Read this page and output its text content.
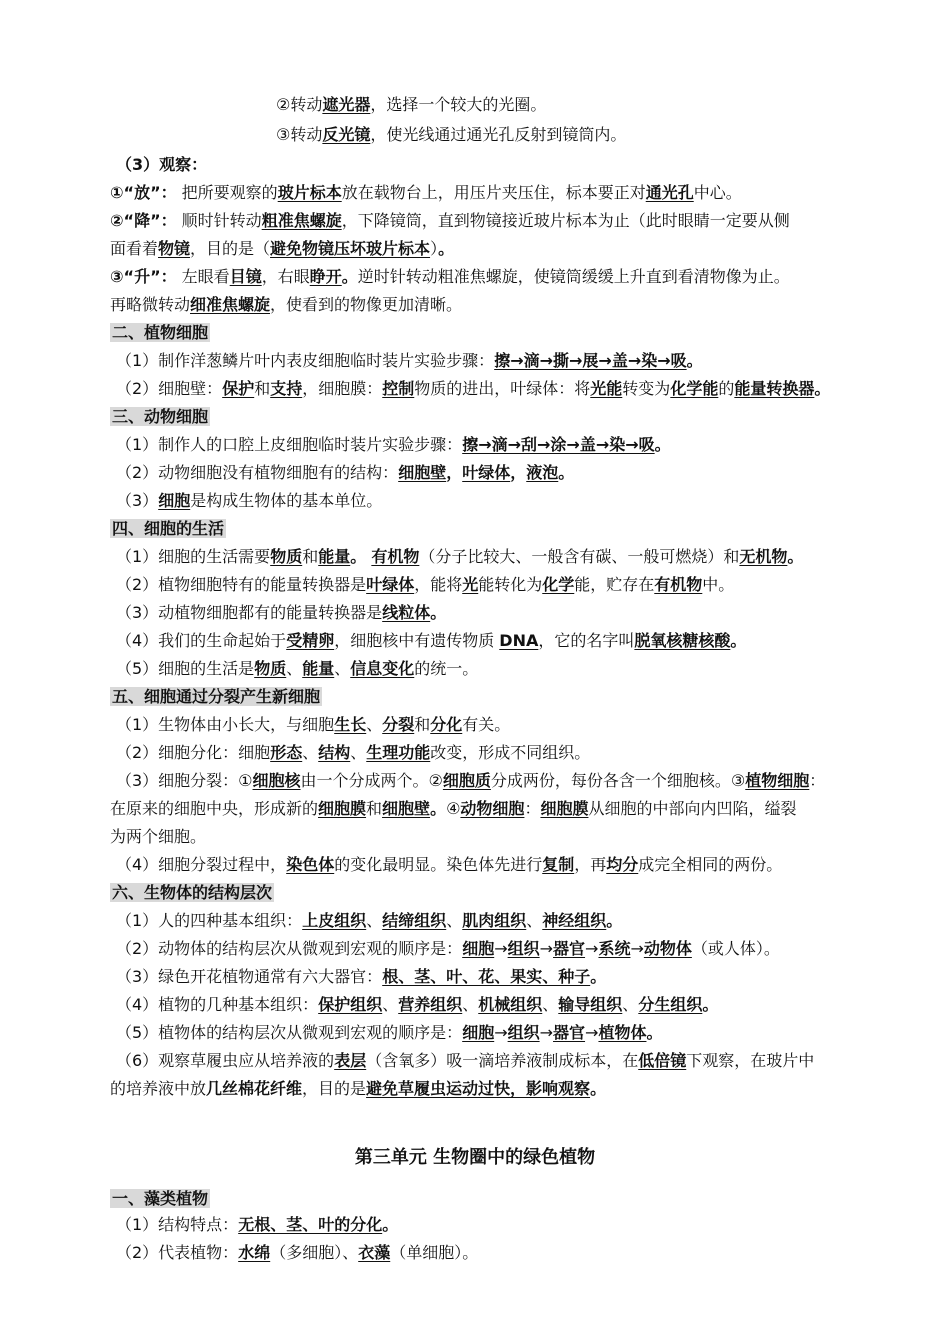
②转动遮光器，选择一个较大的光圈。
③转动反光镜，使光线通过通光孔反射到镜筒内。
（3）观察：
①“放”： 把所要观察的玻片标本放在载物台上，用压片夹压住，标本要正对通光孔中心。
②“降”： 顺时针转动粗准焦螺旋，下降镜筒，直到物镜接近玻片标本为止（此时眼睛一定要从侧
面看着物镜，目的是（避免物镜压坏玻片标本）。
③“升”： 左眼看目镜，右眼睁开。逆时针转动粗准焦螺旋，使镜筒缓缓上升直到看清物像为止。
再略微转动细准焦螺旋，使看到的物像更加清晰。
二、植物细胞
（1）制作洋葱鳞片叶内表皮细胞临时装片实验步骤：擦→滴→撕→展→盖→染→吸。
（2）细胞壁：保护和支持，细胞膜：控制物质的进出，叶绿体：将光能转变为化学能的能量转换器。
三、动物细胞
（1）制作人的口腔上皮细胞临时装片实验步骤：擦→滴→刮→涂→盖→染→吸。
（2）动物细胞没有植物细胞有的结构：细胞壁，叶绿体，液泡。
（3）细胞是构成生物体的基本单位。
四、细胞的生活
（1）细胞的生活需要物质和能量。 有机物（分子比较大、一般含有碳、一般可燃烧）和无机物。
（2）植物细胞特有的能量转换器是叶绿体，能将光能转化为化学能，贮存在有机物中。
（3）动植物细胞都有的能量转换器是线粒体。
（4）我们的生命起始于受精卵，细胞核中有遗传物质 DNA，它的名字叫脱氧核糖核酸。
（5）细胞的生活是物质、能量、信息变化的统一。
五、细胞通过分裂产生新细胞
（1）生物体由小长大，与细胞生长、分裂和分化有关。
（2）细胞分化：细胞形态、结构、生理功能改变，形成不同组织。
（3）细胞分裂：①细胞核由一个分成两个。②细胞质分成两份，每份各含一个细胞核。③植物细胞：
在原来的细胞中央，形成新的细胞膜和细胞壁。④动物细胞：细胞膜从细胞的中部向内凹陷，缢裂
为两个细胞。
（4）细胞分裂过程中，染色体的变化最明显。染色体先进行复制，再均分成完全相同的两份。
六、生物体的结构层次
（1）人的四种基本组织：上皮组织、结缔组织、肌肉组织、神经组织。
（2）动物体的结构层次从微观到宏观的顺序是：细胞→组织→器官→系统→动物体（或人体）。
（3）绿色开花植物通常有六大器官：根、茎、叶、花、果实、种子。
（4）植物的几种基本组织：保护组织、营养组织、机械组织、输导组织、分生组织。
（5）植物体的结构层次从微观到宏观的顺序是：细胞→组织→器官→植物体。
（6）观察草履虫应从培养液的表层（含氧多）吸一滴培养液制成标本，在低倍镜下观察，在玻片中
的培养液中放几丝棉花纤维，目的是避免草履虫运动过快，影响观察。
一、藻类植物
（1）结构特点：无根、茎、叶的分化。
（2）代表植物：水绵（多细胞）、衣藻（单细胞）。
第三单元 生物圈中的绿色植物
